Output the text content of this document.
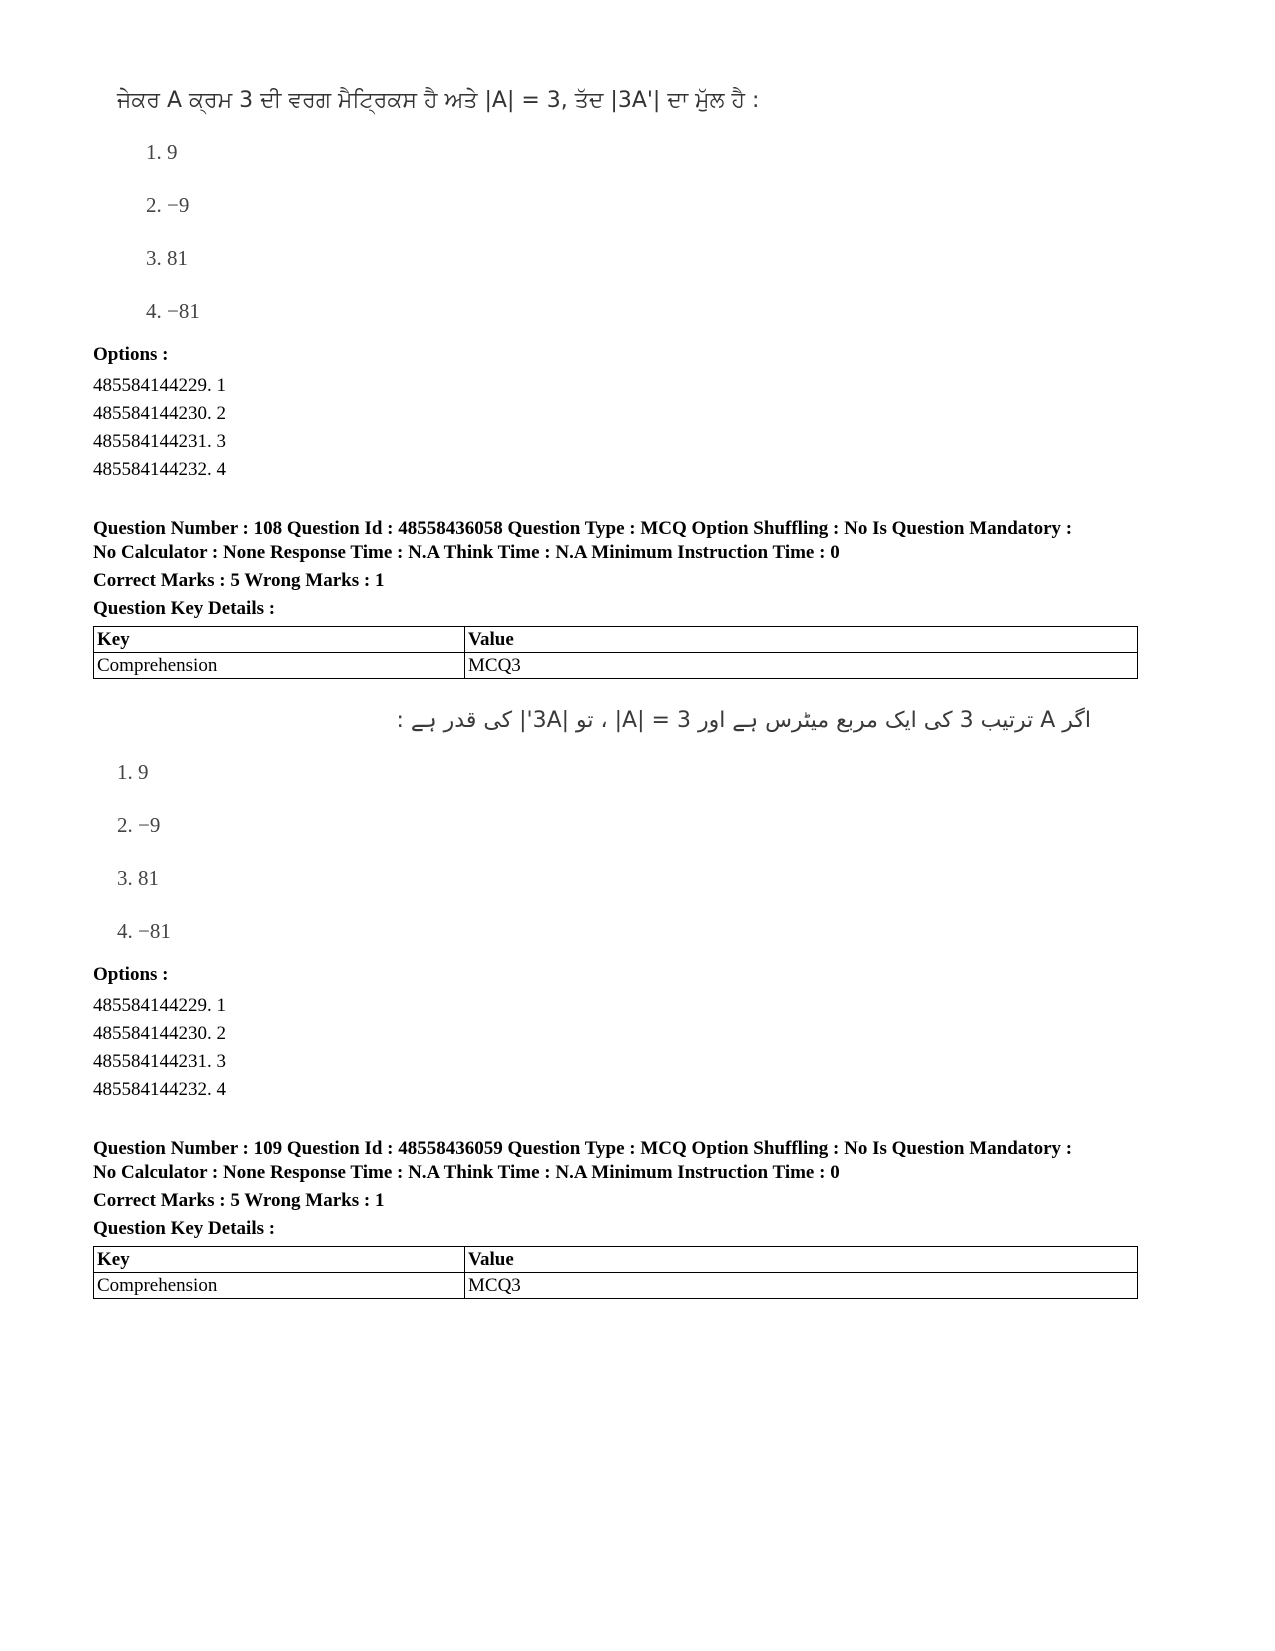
ਜੇਕਰ A ਕ੍ਰਮ 3 ਦੀ ਵਰਗ ਮੈਟ੍ਰਿਕਸ ਹੈ ਅਤੇ |A| = 3, ਤੱਦ |3A'| ਦਾ ਮੁੱਲ ਹੈ :
1. 9
2. −9
3. 81
4. −81
Options :
485584144229. 1
485584144230. 2
485584144231. 3
485584144232. 4
Question Number : 108 Question Id : 48558436058 Question Type : MCQ Option Shuffling : No Is Question Mandatory :
No Calculator : None Response Time : N.A Think Time : N.A Minimum Instruction Time : 0
Correct Marks : 5 Wrong Marks : 1
Question Key Details :
Key	Value
Comprehension	MCQ3
اگر A ترتیب 3 کی ایک مربع میٹرس ہے اور 3 = |A| ، تو |3A'| کی قدر ہے :
1. 9
2. −9
3. 81
4. −81
Options :
485584144229. 1
485584144230. 2
485584144231. 3
485584144232. 4
Question Number : 109 Question Id : 48558436059 Question Type : MCQ Option Shuffling : No Is Question Mandatory :
No Calculator : None Response Time : N.A Think Time : N.A Minimum Instruction Time : 0
Correct Marks : 5 Wrong Marks : 1
Question Key Details :
Key	Value
Comprehension	MCQ3
